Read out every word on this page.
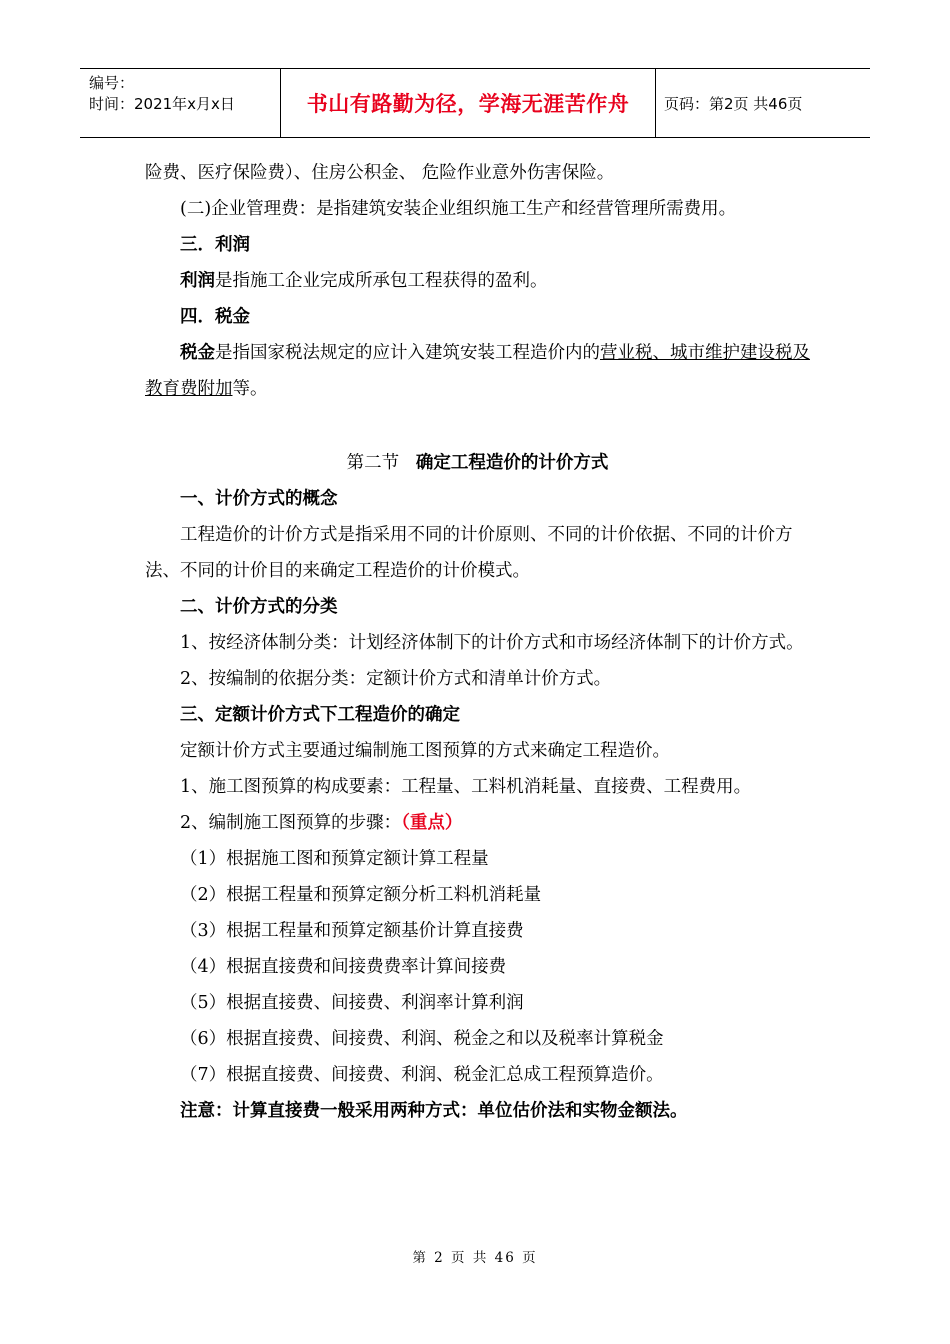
编号：
时间：2021年x月x日	书山有路勤为径，学海无涯苦作舟	页码：第2页 共46页

险费、医疗保险费）、住房公积金、 危险作业意外伤害保险。

(二)企业管理费：是指建筑安装企业组织施工生产和经营管理所需费用。

三．利润

利润是指施工企业完成所承包工程获得的盈利。

四．税金

税金是指国家税法规定的应计入建筑安装工程造价内的营业税、城市维护建设税及教育费附加等。

第二节 确定工程造价的计价方式

一、计价方式的概念

工程造价的计价方式是指采用不同的计价原则、不同的计价依据、不同的计价方法、不同的计价目的来确定工程造价的计价模式。

二、计价方式的分类

1、按经济体制分类：计划经济体制下的计价方式和市场经济体制下的计价方式。

2、按编制的依据分类：定额计价方式和清单计价方式。

三、定额计价方式下工程造价的确定

定额计价方式主要通过编制施工图预算的方式来确定工程造价。

1、施工图预算的构成要素：工程量、工料机消耗量、直接费、工程费用。

2、编制施工图预算的步骤：（重点）

（1）根据施工图和预算定额计算工程量

（2）根据工程量和预算定额分析工料机消耗量

（3）根据工程量和预算定额基价计算直接费

（4）根据直接费和间接费费率计算间接费

（5）根据直接费、间接费、利润率计算利润

（6）根据直接费、间接费、利润、税金之和以及税率计算税金

（7）根据直接费、间接费、利润、税金汇总成工程预算造价。

注意：计算直接费一般采用两种方式：单位估价法和实物金额法。

第 2 页 共 46 页
